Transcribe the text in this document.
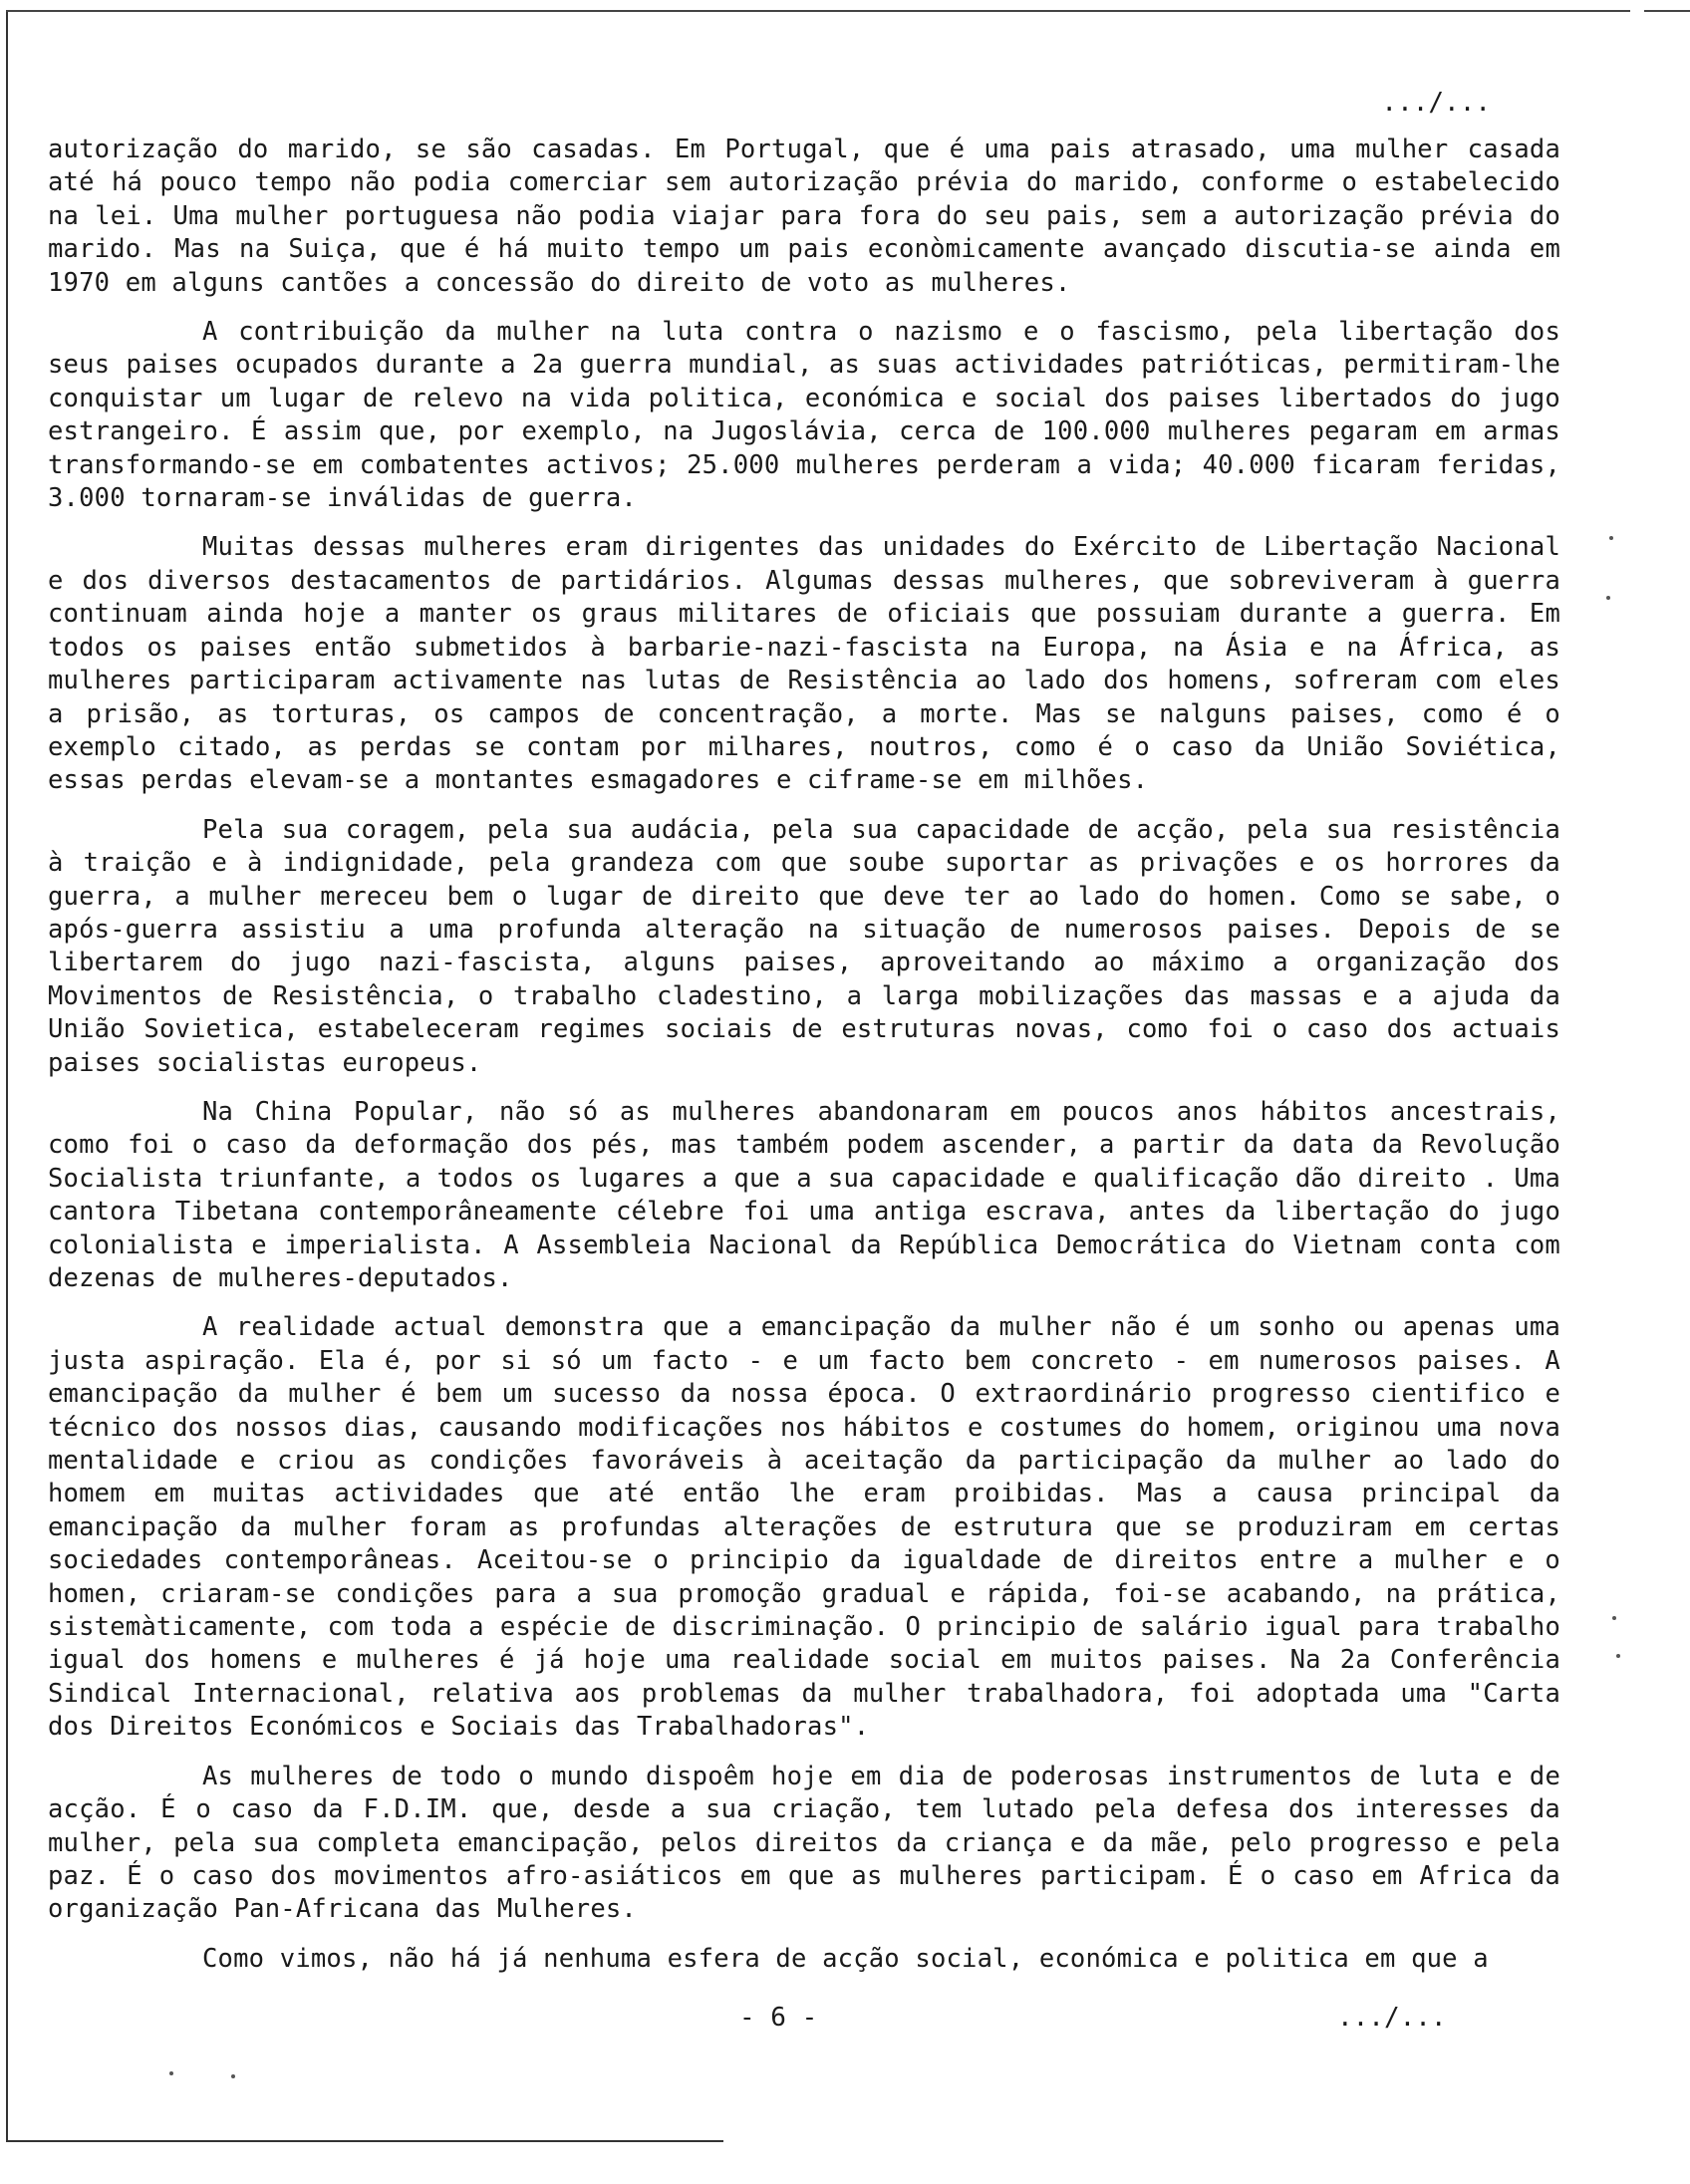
.../...

autorização do marido, se são casadas. Em Portugal, que é uma pais atrasado, uma mulher casada até há pouco tempo não podia comerciar sem autorização prévia do marido, conforme o estabelecido na lei. Uma mulher portuguesa não podia viajar para fora do seu pais, sem a autorização prévia do marido. Mas na Suiça, que é há muito tempo um pais econòmicamente avançado discutia-se ainda em 1970 em alguns cantões a concessão do direito de voto as mulheres.

A contribuição da mulher na luta contra o nazismo e o fascismo, pela libertação dos seus paises ocupados durante a 2a guerra mundial, as suas actividades patrióticas, permitiram-lhe conquistar um lugar de relevo na vida politica, económica e social dos paises libertados do jugo estrangeiro. É assim que, por exemplo, na Jugoslávia, cerca de 100.000 mulheres pegaram em armas transformando-se em combatentes activos; 25.000 mulheres perderam a vida; 40.000 ficaram feridas, 3.000 tornaram-se inválidas de guerra.

Muitas dessas mulheres eram dirigentes das unidades do Exército de Libertação Nacional e dos diversos destacamentos de partidários. Algumas dessas mulheres, que sobreviveram à guerra continuam ainda hoje a manter os graus militares de oficiais que possuiam durante a guerra. Em todos os paises então submetidos à barbarie-nazi-fascista na Europa, na Ásia e na África, as mulheres participaram activamente nas lutas de Resistência ao lado dos homens, sofreram com eles a prisão, as torturas, os campos de concentração, a morte. Mas se nalguns paises, como é o exemplo citado, as perdas se contam por milhares, noutros, como é o caso da União Soviética, essas perdas elevam-se a montantes esmagadores e ciframe-se em milhões.

Pela sua coragem, pela sua audácia, pela sua capacidade de acção, pela sua resistência à traição e à indignidade, pela grandeza com que soube suportar as privações e os horrores da guerra, a mulher mereceu bem o lugar de direito que deve ter ao lado do homen. Como se sabe, o após-guerra assistiu a uma profunda alteração na situação de numerosos paises. Depois de se libertarem do jugo nazi-fascista, alguns paises, aproveitando ao máximo a organização dos Movimentos de Resistência, o trabalho cladestino, a larga mobilizações das massas e a ajuda da União Sovietica, estabeleceram regimes sociais de estruturas novas, como foi o caso dos actuais paises socialistas europeus.

Na China Popular, não só as mulheres abandonaram em poucos anos hábitos ancestrais, como foi o caso da deformação dos pés, mas também podem ascender, a partir da data da Revolução Socialista triunfante, a todos os lugares a que a sua capacidade e qualificação dão direito . Uma cantora Tibetana contemporâneamente célebre foi uma antiga escrava, antes da libertação do jugo colonialista e imperialista. A Assembleia Nacional da República Democrática do Vietnam conta com dezenas de mulheres-deputados.

A realidade actual demonstra que a emancipação da mulher não é um sonho ou apenas uma justa aspiração. Ela é, por si só um facto - e um facto bem concreto - em numerosos paises. A emancipação da mulher é bem um sucesso da nossa época. O extraordinário progresso cientifico e técnico dos nossos dias, causando modificações nos hábitos e costumes do homem, originou uma nova mentalidade e criou as condições favoráveis à aceitação da participação da mulher ao lado do homem em muitas actividades que até então lhe eram proibidas. Mas a causa principal da emancipação da mulher foram as profundas alterações de estrutura que se produziram em certas sociedades contemporâneas. Aceitou-se o principio da igualdade de direitos entre a mulher e o homen, criaram-se condições para a sua promoção gradual e rápida, foi-se acabando, na prática, sistemàticamente, com toda a espécie de discriminação. O principio de salário igual para trabalho igual dos homens e mulheres é já hoje uma realidade social em muitos paises. Na 2a Conferência Sindical Internacional, relativa aos problemas da mulher trabalhadora, foi adoptada uma "Carta dos Direitos Económicos e Sociais das Trabalhadoras".

As mulheres de todo o mundo dispoêm hoje em dia de poderosas instrumentos de luta e de acção. É o caso da F.D.IM. que, desde a sua criação, tem lutado pela defesa dos interesses da mulher, pela sua completa emancipação, pelos direitos da criança e da mãe, pelo progresso e pela paz. É o caso dos movimentos afro-asiáticos em que as mulheres participam. É o caso em Africa da organização Pan-Africana das Mulheres.

Como vimos, não há já nenhuma esfera de acção social, económica e politica em que a

- 6 -	.../...
